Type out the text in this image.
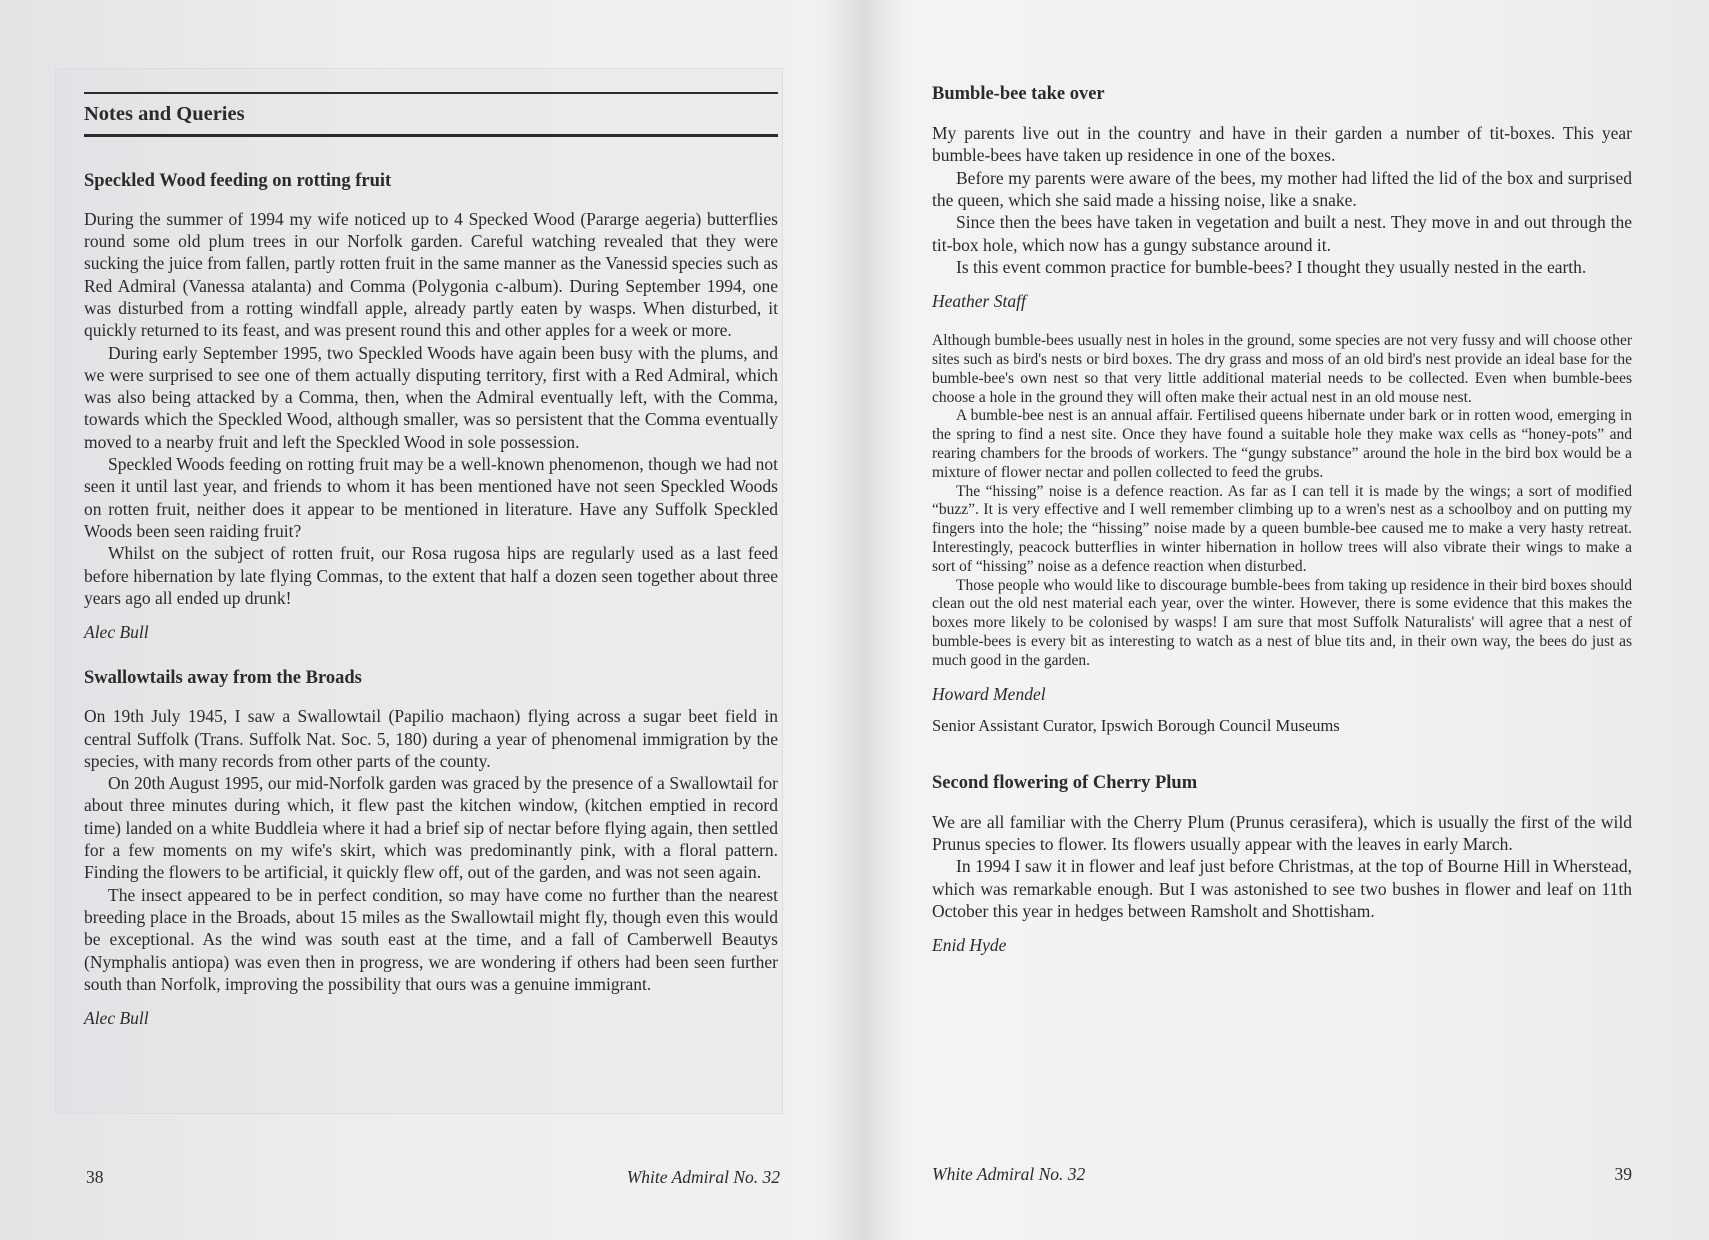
Notes and Queries
Speckled Wood feeding on rotting fruit

During the summer of 1994 my wife noticed up to 4 Specked Wood (Pararge aegeria) butterflies round some old plum trees in our Norfolk garden. Careful watching revealed that they were sucking the juice from fallen, partly rotten fruit in the same manner as the Vanessid species such as Red Admiral (Vanessa atalanta) and Comma (Polygonia c-album). During September 1994, one was disturbed from a rotting windfall apple, already partly eaten by wasps. When disturbed, it quickly returned to its feast, and was present round this and other apples for a week or more.

During early September 1995, two Speckled Woods have again been busy with the plums, and we were surprised to see one of them actually disputing territory, first with a Red Admiral, which was also being attacked by a Comma, then, when the Admiral eventually left, with the Comma, towards which the Speckled Wood, although smaller, was so persistent that the Comma eventually moved to a nearby fruit and left the Speckled Wood in sole possession.

Speckled Woods feeding on rotting fruit may be a well-known phenomenon, though we had not seen it until last year, and friends to whom it has been mentioned have not seen Speckled Woods on rotten fruit, neither does it appear to be mentioned in literature. Have any Suffolk Speckled Woods been seen raiding fruit?

Whilst on the subject of rotten fruit, our Rosa rugosa hips are regularly used as a last feed before hibernation by late flying Commas, to the extent that half a dozen seen together about three years ago all ended up drunk!

Alec Bull
Swallowtails away from the Broads

On 19th July 1945, I saw a Swallowtail (Papilio machaon) flying across a sugar beet field in central Suffolk (Trans. Suffolk Nat. Soc. 5, 180) during a year of phenomenal immigration by the species, with many records from other parts of the county.

On 20th August 1995, our mid-Norfolk garden was graced by the presence of a Swallowtail for about three minutes during which, it flew past the kitchen window, (kitchen emptied in record time) landed on a white Buddleia where it had a brief sip of nectar before flying again, then settled for a few moments on my wife's skirt, which was predominantly pink, with a floral pattern. Finding the flowers to be artificial, it quickly flew off, out of the garden, and was not seen again.

The insect appeared to be in perfect condition, so may have come no further than the nearest breeding place in the Broads, about 15 miles as the Swallowtail might fly, though even this would be exceptional. As the wind was south east at the time, and a fall of Camberwell Beautys (Nymphalis antiopa) was even then in progress, we are wondering if others had been seen further south than Norfolk, improving the possibility that ours was a genuine immigrant.

Alec Bull
38	White Admiral No. 32
Bumble-bee take over

My parents live out in the country and have in their garden a number of tit-boxes. This year bumble-bees have taken up residence in one of the boxes.

Before my parents were aware of the bees, my mother had lifted the lid of the box and surprised the queen, which she said made a hissing noise, like a snake.

Since then the bees have taken in vegetation and built a nest. They move in and out through the tit-box hole, which now has a gungy substance around it.

Is this event common practice for bumble-bees? I thought they usually nested in the earth.

Heather Staff

Although bumble-bees usually nest in holes in the ground, some species are not very fussy and will choose other sites such as bird's nests or bird boxes. The dry grass and moss of an old bird's nest provide an ideal base for the bumble-bee's own nest so that very little additional material needs to be collected. Even when bumble-bees choose a hole in the ground they will often make their actual nest in an old mouse nest.

A bumble-bee nest is an annual affair. Fertilised queens hibernate under bark or in rotten wood, emerging in the spring to find a nest site. Once they have found a suitable hole they make wax cells as “honey-pots” and rearing chambers for the broods of workers. The “gungy substance” around the hole in the bird box would be a mixture of flower nectar and pollen collected to feed the grubs.

The “hissing” noise is a defence reaction. As far as I can tell it is made by the wings; a sort of modified “buzz”. It is very effective and I well remember climbing up to a wren's nest as a schoolboy and on putting my fingers into the hole; the “hissing” noise made by a queen bumble-bee caused me to make a very hasty retreat. Interestingly, peacock butterflies in winter hibernation in hollow trees will also vibrate their wings to make a sort of “hissing” noise as a defence reaction when disturbed.

Those people who would like to discourage bumble-bees from taking up residence in their bird boxes should clean out the old nest material each year, over the winter. However, there is some evidence that this makes the boxes more likely to be colonised by wasps! I am sure that most Suffolk Naturalists' will agree that a nest of bumble-bees is every bit as interesting to watch as a nest of blue tits and, in their own way, the bees do just as much good in the garden.

Howard Mendel
Senior Assistant Curator, Ipswich Borough Council Museums
Second flowering of Cherry Plum

We are all familiar with the Cherry Plum (Prunus cerasifera), which is usually the first of the wild Prunus species to flower. Its flowers usually appear with the leaves in early March.

In 1994 I saw it in flower and leaf just before Christmas, at the top of Bourne Hill in Wherstead, which was remarkable enough. But I was astonished to see two bushes in flower and leaf on 11th October this year in hedges between Ramsholt and Shottisham.

Enid Hyde
White Admiral No. 32	39
